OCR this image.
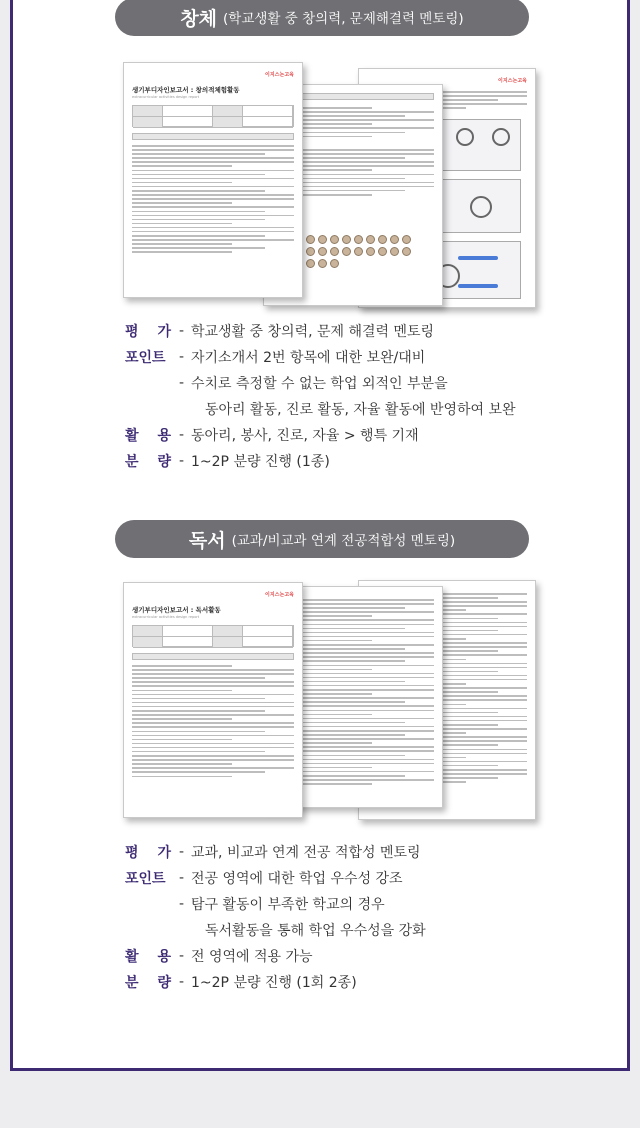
창체 (학교생활 중 창의력, 문제해결력 멘토링)
이지스논고육
이지스논고육
생기부디자인보고서 : 창의적체험활동
extracurricular activities design report
평 가 - 학교생활 중 창의력, 문제 해결력 멘토링
포인트 - 자기소개서 2번 항목에 대한 보완/대비
- 수치로 측정할 수 없는 학업 외적인 부분을
동아리 활동, 진로 활동, 자율 활동에 반영하여 보완
활 용 - 동아리, 봉사, 진로, 자율 > 행특 기재
분 량 - 1~2P 분량 진행 (1종)
독서 (교과/비교과 연계 전공적합성 멘토링)
이지스논고육
생기부디자인보고서 : 독서활동
extracurricular activities design report
평 가 - 교과, 비교과 연계 전공 적합성 멘토링
포인트 - 전공 영역에 대한 학업 우수성 강조
- 탐구 활동이 부족한 학교의 경우
독서활동을 통해 학업 우수성을 강화
활 용 - 전 영역에 적용 가능
분 량 - 1~2P 분량 진행 (1회 2종)
